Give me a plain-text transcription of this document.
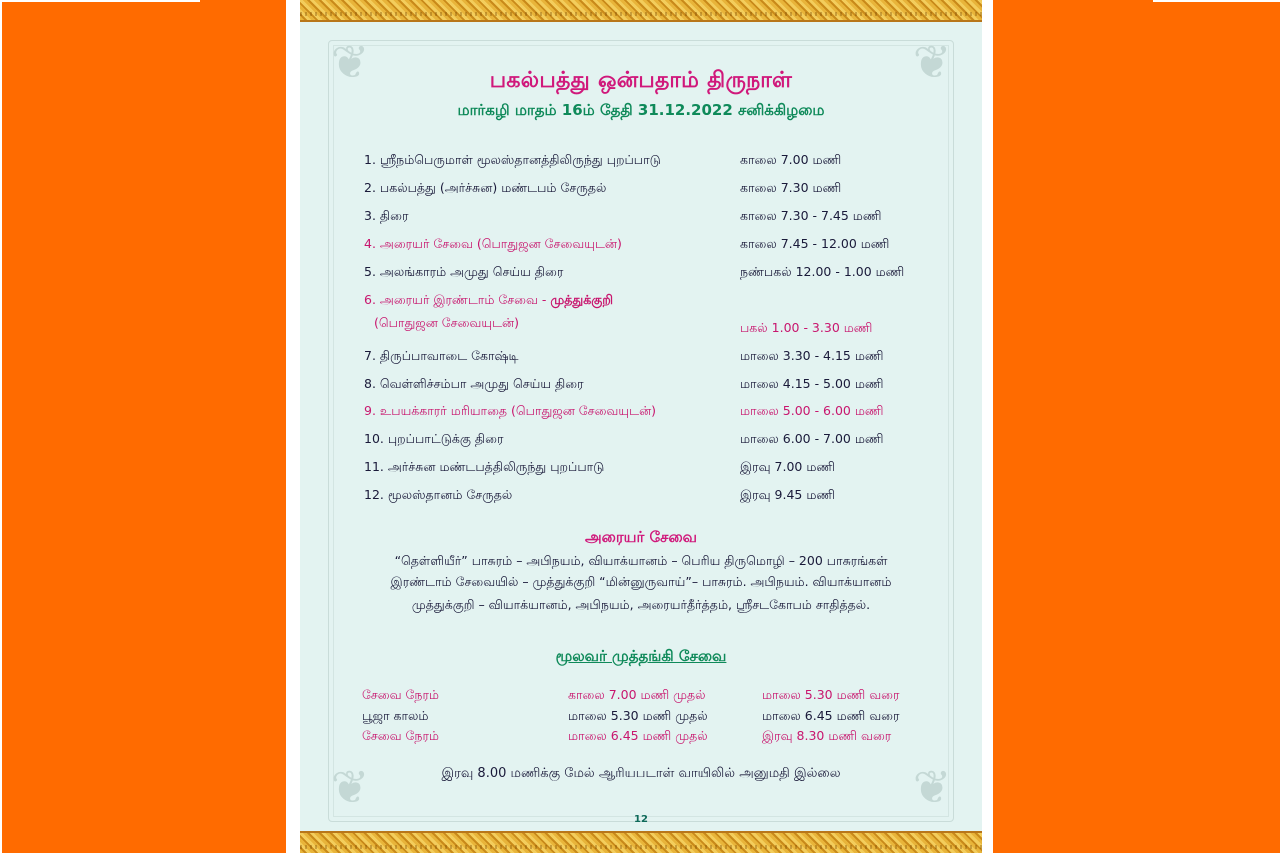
❦	❦
❦	❦
பகல்பத்து ஒன்பதாம் திருநாள்
மார்கழி மாதம் 16ம் தேதி 31.12.2022 சனிக்கிழமை
1. ஸ்ரீநம்பெருமாள் மூலஸ்தானத்திலிருந்து புறப்பாடு	காலை 7.00 மணி
2. பகல்பத்து (அர்ச்சுன) மண்டபம் சேருதல்	காலை 7.30 மணி
3. திரை	காலை 7.30 - 7.45 மணி
4. அரையர் சேவை (பொதுஜன சேவையுடன்)	காலை 7.45 - 12.00 மணி
5. அலங்காரம் அமுது செய்ய திரை	நண்பகல் 12.00 - 1.00 மணி
6. அரையர் இரண்டாம் சேவை - முத்துக்குறி
(பொதுஜன சேவையுடன்)	பகல் 1.00 - 3.30 மணி
7. திருப்பாவாடை கோஷ்டி	மாலை 3.30 - 4.15 மணி
8. வெள்ளிச்சம்பா அமுது செய்ய திரை	மாலை 4.15 - 5.00 மணி
9. உபயக்காரர் மரியாதை (பொதுஜன சேவையுடன்)	மாலை 5.00 - 6.00 மணி
10. புறப்பாட்டுக்கு திரை	மாலை 6.00 - 7.00 மணி
11. அர்ச்சுன மண்டபத்திலிருந்து புறப்பாடு	இரவு 7.00 மணி
12. மூலஸ்தானம் சேருதல்	இரவு 9.45 மணி
அரையர் சேவை
“தெள்ளியீர்” பாசுரம் – அபிநயம், வியாக்யானம் – பெரிய திருமொழி – 200 பாசுரங்கள்
இரண்டாம் சேவையில் – முத்துக்குறி “மின்னுருவாய்”– பாசுரம். அபிநயம். வியாக்யானம்
முத்துக்குறி – வியாக்யானம், அபிநயம், அரையர்தீர்த்தம், ஸ்ரீசடகோபம் சாதித்தல்.
மூலவர் முத்தங்கி சேவை
சேவை நேரம்	காலை 7.00 மணி முதல்	மாலை 5.30 மணி வரை
பூஜா காலம்	மாலை 5.30 மணி முதல்	மாலை 6.45 மணி வரை
சேவை நேரம்	மாலை 6.45 மணி முதல்	இரவு 8.30 மணி வரை
இரவு 8.00 மணிக்கு மேல் ஆரியபடாள் வாயிலில் அனுமதி இல்லை
12
